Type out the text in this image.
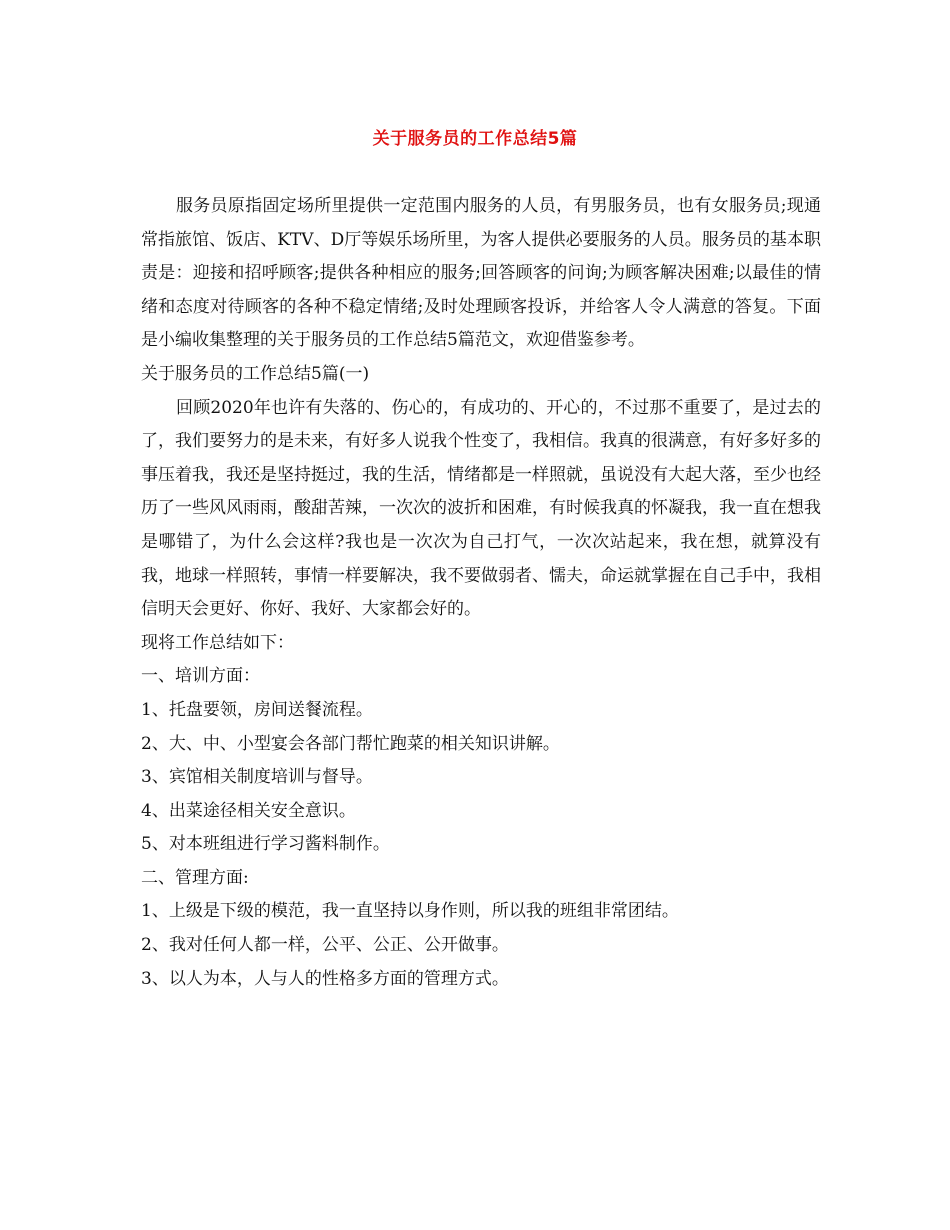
关于服务员的工作总结5篇

服务员原指固定场所里提供一定范围内服务的人员，有男服务员，也有女服务员;现通常指旅馆、饭店、KTV、D厅等娱乐场所里，为客人提供必要服务的人员。服务员的基本职责是：迎接和招呼顾客;提供各种相应的服务;回答顾客的问询;为顾客解决困难;以最佳的情绪和态度对待顾客的各种不稳定情绪;及时处理顾客投诉，并给客人令人满意的答复。下面是小编收集整理的关于服务员的工作总结5篇范文，欢迎借鉴参考。

关于服务员的工作总结5篇(一)

回顾2020年也许有失落的、伤心的，有成功的、开心的，不过那不重要了，是过去的了，我们要努力的是未来，有好多人说我个性变了，我相信。我真的很满意，有好多好多的事压着我，我还是坚持挺过，我的生活，情绪都是一样照就，虽说没有大起大落，至少也经历了一些风风雨雨，酸甜苦辣，一次次的波折和困难，有时候我真的怀凝我，我一直在想我是哪错了，为什么会这样?我也是一次次为自己打气，一次次站起来，我在想，就算没有我，地球一样照转，事情一样要解决，我不要做弱者、懦夫，命运就掌握在自己手中，我相信明天会更好、你好、我好、大家都会好的。

现将工作总结如下：

一、培训方面：

1、托盘要领，房间送餐流程。

2、大、中、小型宴会各部门帮忙跑菜的相关知识讲解。

3、宾馆相关制度培训与督导。

4、出菜途径相关安全意识。

5、对本班组进行学习酱料制作。

二、管理方面:

1、上级是下级的模范，我一直坚持以身作则，所以我的班组非常团结。

2、我对任何人都一样，公平、公正、公开做事。

3、以人为本，人与人的性格多方面的管理方式。
